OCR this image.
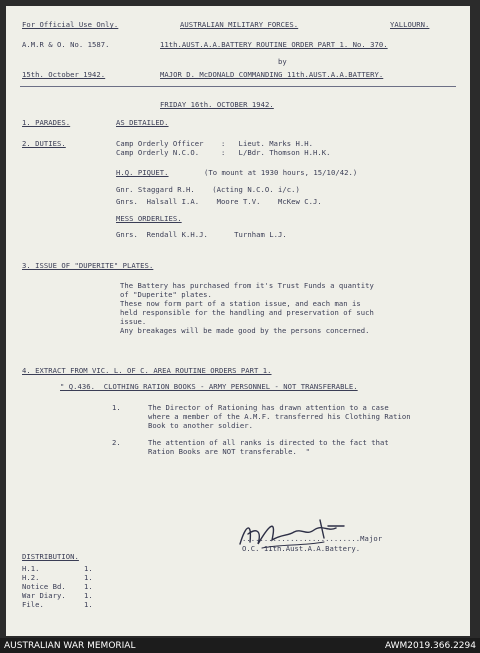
For Official Use Only.	AUSTRALIAN MILITARY FORCES.	YALLOURN.
A.M.R & O. No. 1587.	11th.AUST.A.A.BATTERY ROUTINE ORDER PART 1. No. 370.
by
15th. October 1942.	MAJOR D. McDONALD COMMANDING 11th.AUST.A.A.BATTERY.
FRIDAY 16th. OCTOBER 1942.
1. PARADES.	AS DETAILED.
2. DUTIES.	Camp Orderly Officer    :   Lieut. Marks H.H.
Camp Orderly N.C.O.     :   L/Bdr. Thomson H.H.K.
H.Q. PIQUET.	(To mount at 1930 hours, 15/10/42.)
Gnr. Staggard R.H.    (Acting N.C.O. i/c.)
Gnrs.  Halsall I.A.    Moore T.V.    McKew C.J.
MESS ORDERLIES.
Gnrs.  Rendall K.H.J.      Turnham L.J.
3. ISSUE OF "DUPERITE" PLATES.
The Battery has purchased from it's Trust Funds a quantity
of "Duperite" plates.
These now form part of a station issue, and each man is
held responsible for the handling and preservation of such
issue.
Any breakages will be made good by the persons concerned.
4. EXTRACT FROM VIC. L. OF C. AREA ROUTINE ORDERS PART 1.
" Q.436.  CLOTHING RATION BOOKS - ARMY PERSONNEL - NOT TRANSFERABLE.
1.	The Director of Rationing has drawn attention to a case
where a member of the A.M.F. transferred his Clothing Ration
Book to another soldier.
2.	The attention of all ranks is directed to the fact that
Ration Books are NOT transferable.  "
...........................Major
O.C. 11th.Aust.A.A.Battery.
DISTRIBUTION.
H.1.	1.
H.2.	1.
Notice Bd.	1.
War Diary.	1.
File.	1.
AUSTRALIAN WAR MEMORIAL	AWM2019.366.2294
